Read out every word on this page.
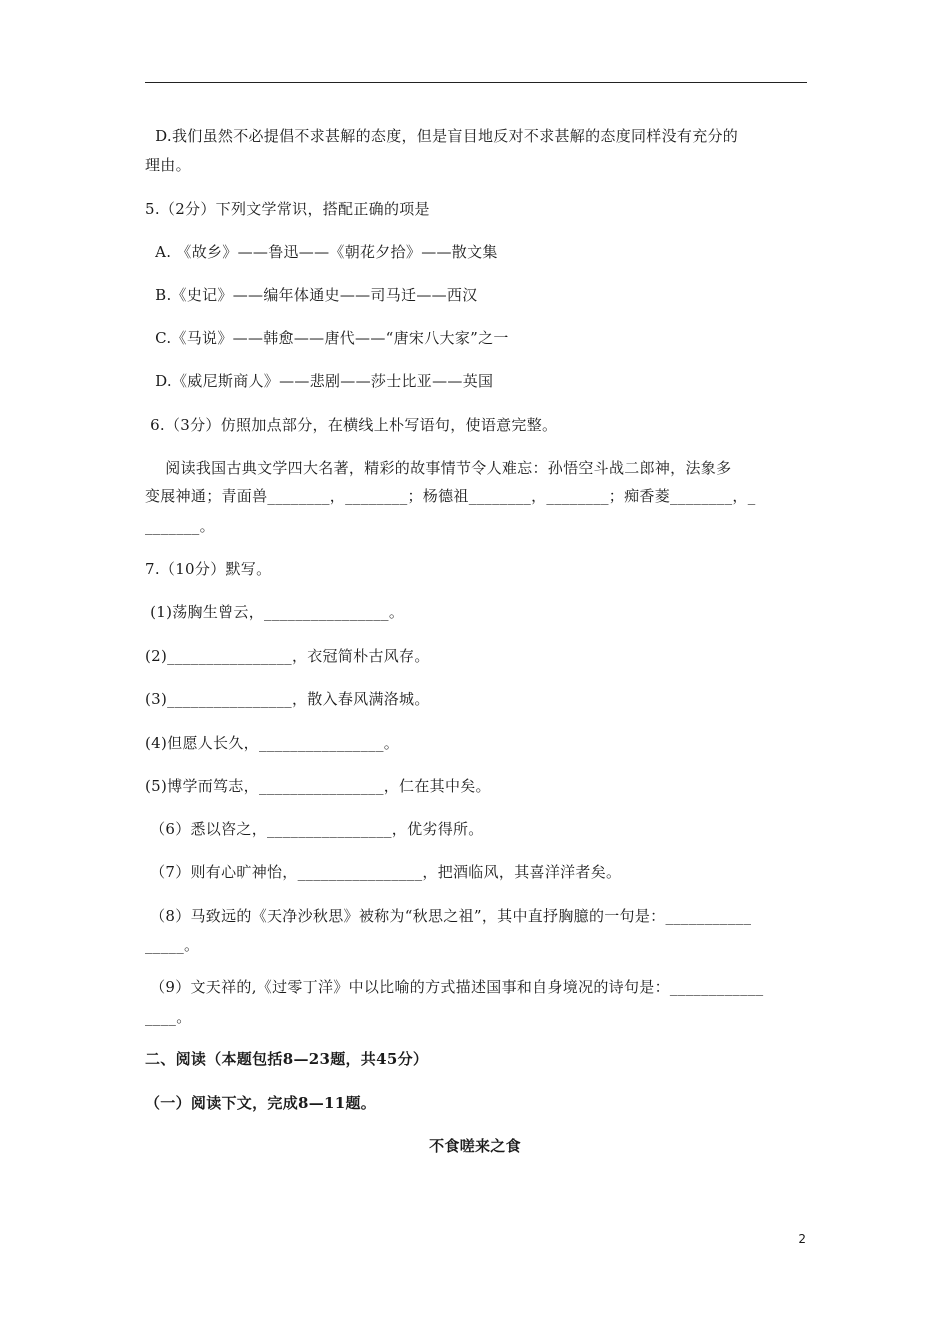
D.我们虽然不必提倡不求甚解的态度，但是盲目地反对不求甚解的态度同样没有充分的
理由。
5.（2分）下列文学常识，搭配正确的项是
A. 《故乡》——鲁迅——《朝花夕拾》——散文集
B.《史记》——编年体通史——司马迁——西汉
C.《马说》——韩愈——唐代——“唐宋八大家”之一
D.《威尼斯商人》——悲剧——莎士比亚——英国
6.（3分）仿照加点部分，在横线上朴写语句，使语意完整。
阅读我国古典文学四大名著，精彩的故事情节令人难忘：孙悟空斗战二郎神，法象多
变展神通；青面兽________，________；杨德祖________，________；痴香菱________，_
_______。
7.（10分）默写。
(1)荡胸生曾云，________________。
(2)________________，衣冠简朴古风存。
(3)________________，散入春风满洛城。
(4)但愿人长久，________________。
(5)博学而笃志，________________，仁在其中矣。
（6）悉以咨之，________________，优劣得所。
（7）则有心旷神怡，________________，把酒临风，其喜洋洋者矣。
（8）马致远的《天净沙秋思》被称为“秋思之祖”，其中直抒胸臆的一句是：___________
_____。
（9）文天祥的,《过零丁洋》中以比喻的方式描述国事和自身境况的诗句是：____________
____。
二、阅读（本题包括8—23题，共45分）
（一）阅读下文，完成8—11题。
不食嗟来之食
2
